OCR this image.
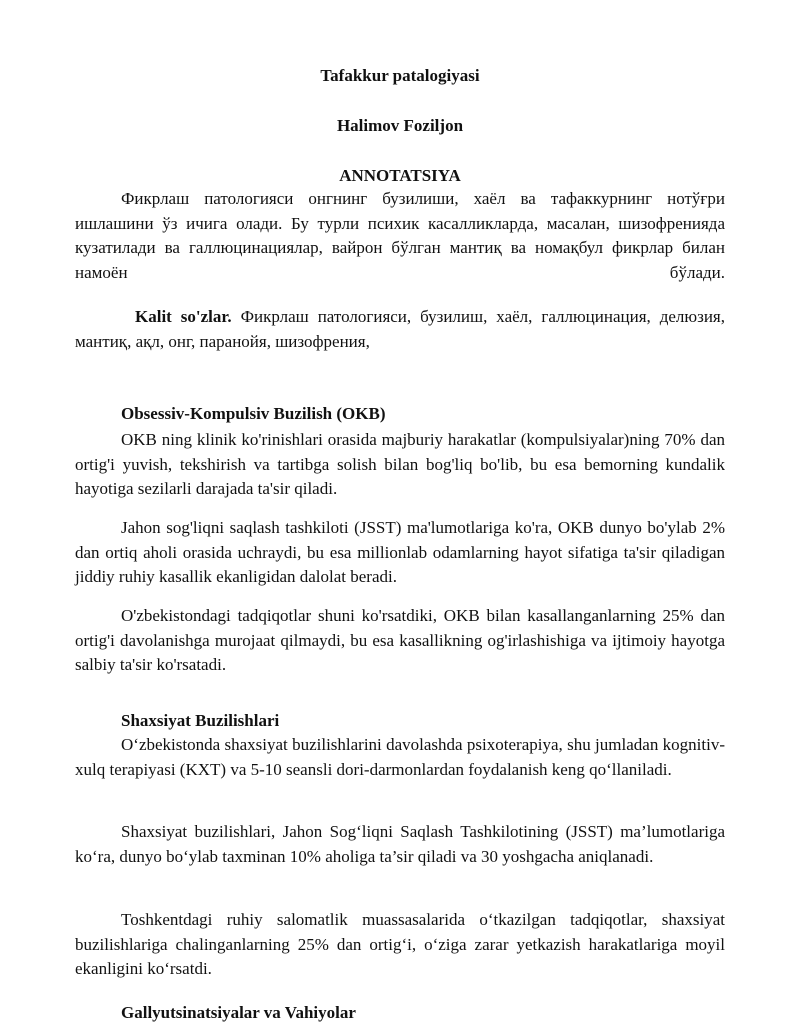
Tafakkur patalogiyasi
Halimov Foziljon
ANNOTATSIYA

Фикрлаш патологияси онгнинг бузилиши, хаёл ва тафаккурнинг нотўғри ишлашини ўз ичига олади. Бу турли психик касалликларда, масалан, шизофренияда кузатилади ва галлюцинациялар, вайрон бўлган мантиқ ва номақбул фикрлар билан намоён бўлади.

Kalit so'zlar. Фикрлаш патологияси, бузилиш, хаёл, галлюцинация, делюзия, мантиқ, ақл, онг, паранойя, шизофрения,

Obsessiv-Kompulsiv Buzilish (OKB)

OKB ning klinik ko'rinishlari orasida majburiy harakatlar (kompulsiyalar)ning 70% dan ortig'i yuvish, tekshirish va tartibga solish bilan bog'liq bo'lib, bu esa bemorning kundalik hayotiga sezilarli darajada ta'sir qiladi.

Jahon sog'liqni saqlash tashkiloti (JSST) ma'lumotlariga ko'ra, OKB dunyo bo'ylab 2% dan ortiq aholi orasida uchraydi, bu esa millionlab odamlarning hayot sifatiga ta'sir qiladigan jiddiy ruhiy kasallik ekanligidan dalolat beradi.

O'zbekistondagi tadqiqotlar shuni ko'rsatdiki, OKB bilan kasallanganlarning 25% dan ortig'i davolanishga murojaat qilmaydi, bu esa kasallikning og'irlashishiga va ijtimoiy hayotga salbiy ta'sir ko'rsatadi.

Shaxsiyat Buzilishlari

O‘zbekistonda shaxsiyat buzilishlarini davolashda psixoterapiya, shu jumladan kognitiv-xulq terapiyasi (KXT) va 5-10 seansli dori-darmonlardan foydalanish keng qo‘llaniladi.

Shaxsiyat buzilishlari, Jahon Sog‘liqni Saqlash Tashkilotining (JSST) ma’lumotlariga ko‘ra, dunyo bo‘ylab taxminan 10% aholiga ta’sir qiladi va 30 yoshgacha aniqlanadi.

Toshkentdagi ruhiy salomatlik muassasalarida o‘tkazilgan tadqiqotlar, shaxsiyat buzilishlariga chalinganlarning 25% dan ortig‘i, o‘ziga zarar yetkazish harakatlariga moyil ekanligini ko‘rsatdi.

Gallyutsinatsiyalar va Vahiyolar
